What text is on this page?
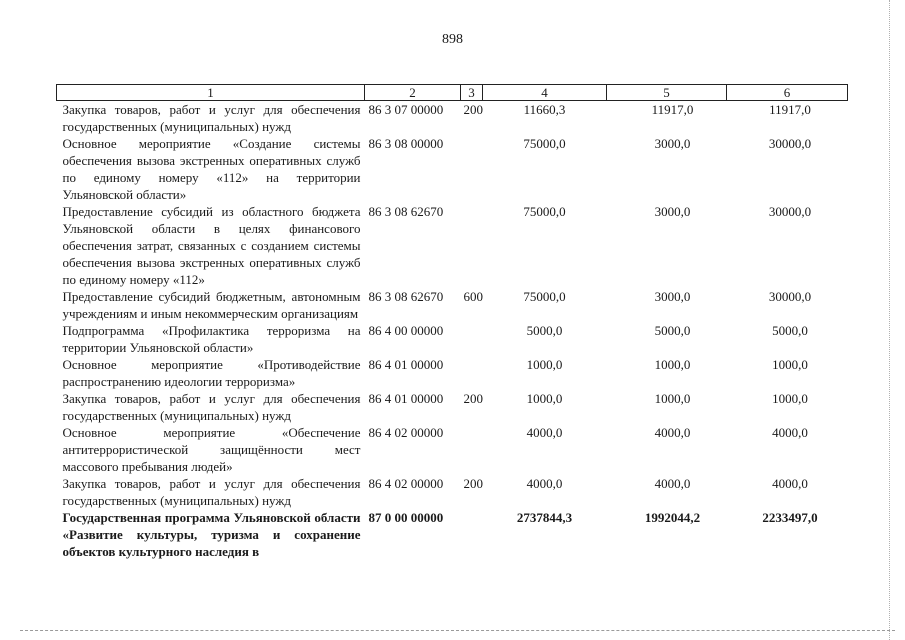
898
1	2	3	4	5	6
Закупка товаров, работ и услуг для обеспечения государственных (муниципальных) нужд	86 3 07 00000	200	11660,3	11917,0	11917,0
Основное мероприятие «Создание системы обеспечения вызова экстренных оперативных служб по единому номеру «112» на территории Ульяновской области»	86 3 08 00000		75000,0	3000,0	30000,0
Предоставление субсидий из областного бюджета Ульяновской области в целях финансового обеспечения затрат, связанных с созданием системы обеспечения вызова экстренных оперативных служб по единому номеру «112»	86 3 08 62670		75000,0	3000,0	30000,0
Предоставление субсидий бюджетным, автономным учреждениям и иным некоммерческим организациям	86 3 08 62670	600	75000,0	3000,0	30000,0
Подпрограмма «Профилактика терроризма на территории Ульяновской области»	86 4 00 00000		5000,0	5000,0	5000,0
Основное мероприятие «Противодействие распространению идеологии терроризма»	86 4 01 00000		1000,0	1000,0	1000,0
Закупка товаров, работ и услуг для обеспечения государственных (муниципальных) нужд	86 4 01 00000	200	1000,0	1000,0	1000,0
Основное мероприятие «Обеспечение антитеррористической защищённости мест массового пребывания людей»	86 4 02 00000		4000,0	4000,0	4000,0
Закупка товаров, работ и услуг для обеспечения государственных (муниципальных) нужд	86 4 02 00000	200	4000,0	4000,0	4000,0
Государственная программа Ульяновской области «Развитие культуры, туризма и сохранение объектов культурного наследия в	87 0 00 00000		2737844,3	1992044,2	2233497,0
